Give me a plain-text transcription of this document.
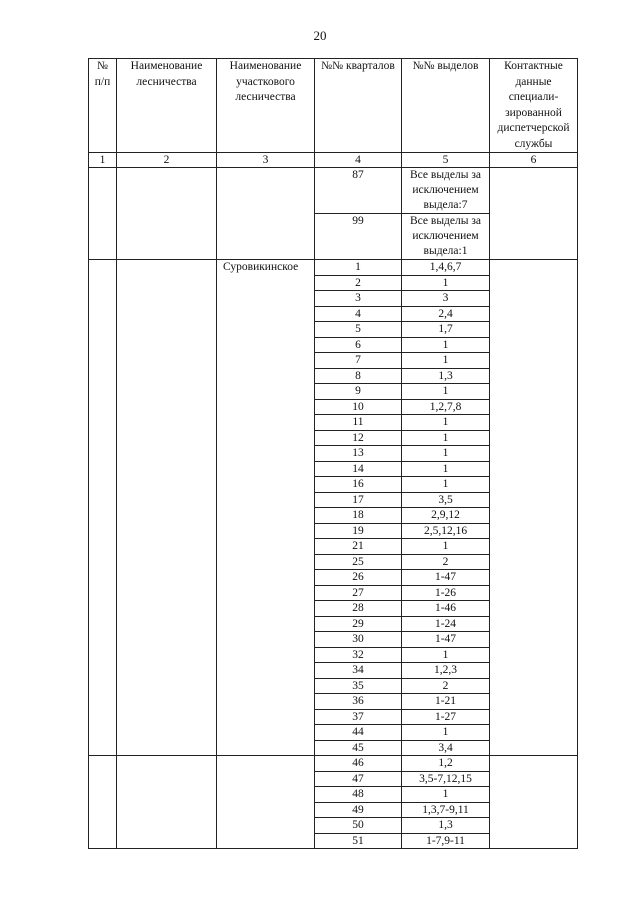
20
№ п/п	Наименование лесничества	Наименование участкового лесничества	№№ кварталов	№№ выделов	Контактные данные специали-зированной диспетчерской службы
1	2	3	4	5	6
			87	Все выделы за исключением выдела:7	
			99	Все выделы за исключением выдела:1	
		Суровикинское	1	1,4,6,7	
			2	1	
			3	3	
			4	2,4	
			5	1,7	
			6	1	
			7	1	
			8	1,3	
			9	1	
			10	1,2,7,8	
			11	1	
			12	1	
			13	1	
			14	1	
			16	1	
			17	3,5	
			18	2,9,12	
			19	2,5,12,16	
			21	1	
			25	2	
			26	1-47	
			27	1-26	
			28	1-46	
			29	1-24	
			30	1-47	
			32	1	
			34	1,2,3	
			35	2	
			36	1-21	
			37	1-27	
			44	1	
			45	3,4	
			46	1,2	
			47	3,5-7,12,15	
			48	1	
			49	1,3,7-9,11	
			50	1,3	
			51	1-7,9-11	
